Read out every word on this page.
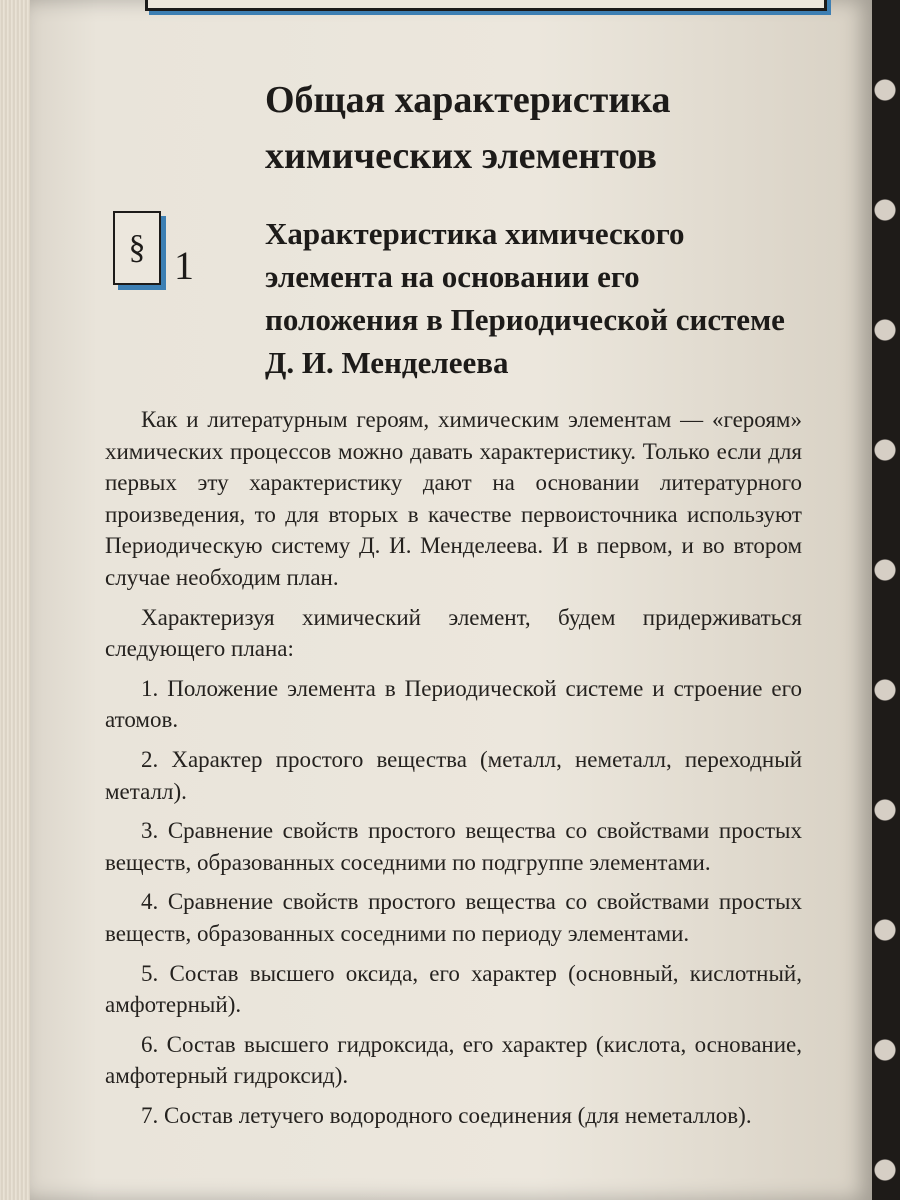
Общая характеристика химических элементов
§ 1
Характеристика химического элемента на основании его положения в Периодической системе Д. И. Менделеева

Как и литературным героям, химическим элементам — «героям» химических процессов можно давать характеристику. Только если для первых эту характеристику дают на основании литературного произведения, то для вторых в качестве первоисточника используют Периодическую систему Д. И. Менделеева. И в первом, и во втором случае необходим план.

Характеризуя химический элемент, будем придерживаться следующего плана:

1. Положение элемента в Периодической системе и строение его атомов.

2. Характер простого вещества (металл, неметалл, переходный металл).

3. Сравнение свойств простого вещества со свойствами простых веществ, образованных соседними по подгруппе элементами.

4. Сравнение свойств простого вещества со свойствами простых веществ, образованных соседними по периоду элементами.

5. Состав высшего оксида, его характер (основный, кислотный, амфотерный).

6. Состав высшего гидроксида, его характер (кислота, основание, амфотерный гидроксид).

7. Состав летучего водородного соединения (для неметаллов).
